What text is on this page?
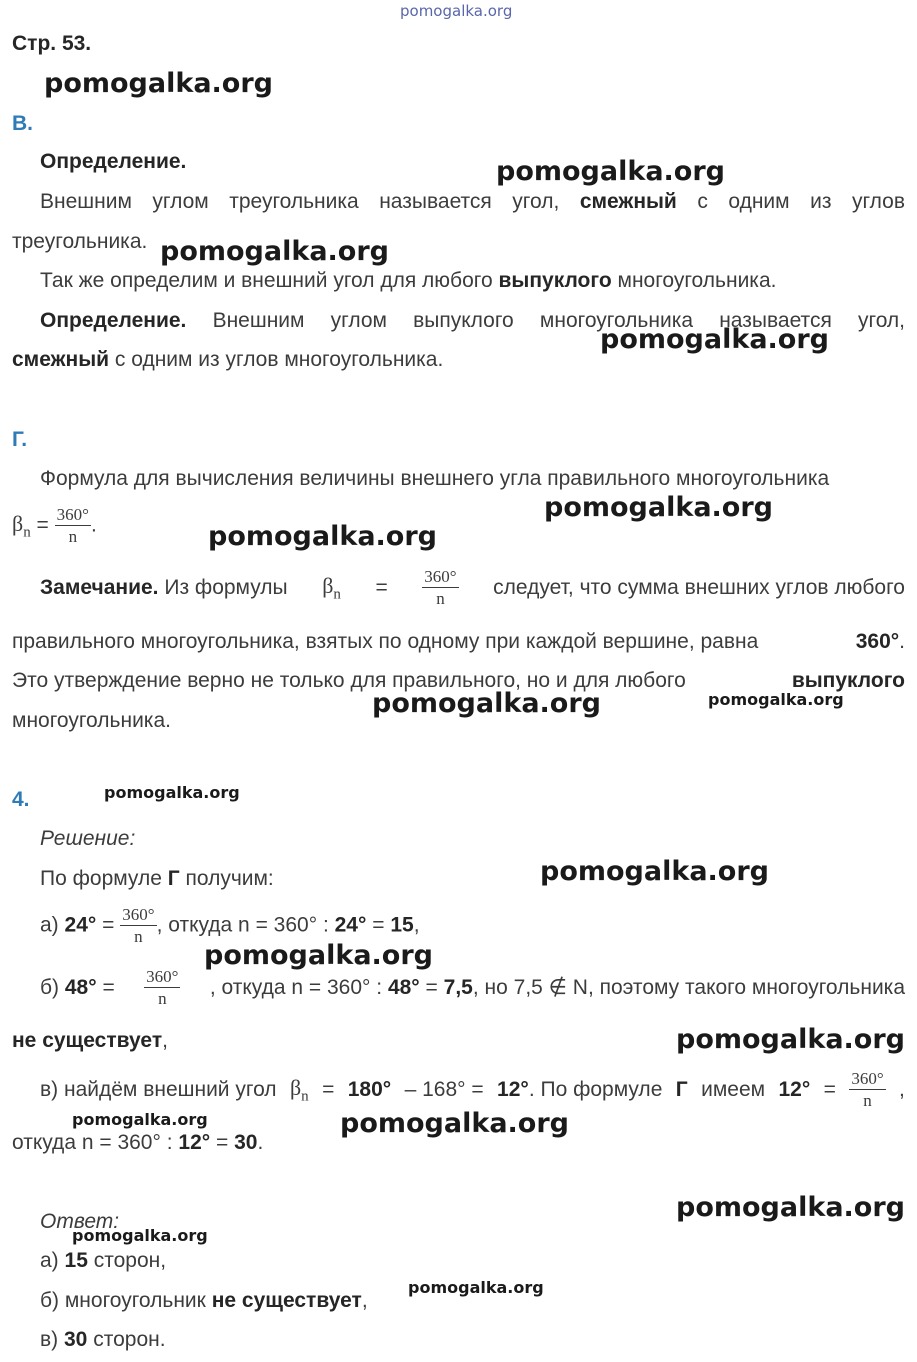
pomogalka.org
Стр. 53.
pomogalka.org
pomogalka.org
pomogalka.org
pomogalka.org
pomogalka.org
pomogalka.org
pomogalka.org	pomogalka.org
pomogalka.org
pomogalka.org
pomogalka.org
pomogalka.org
pomogalka.org	pomogalka.org
pomogalka.org
pomogalka.org
pomogalka.org
В.
Определение.
Внешним углом треугольника называется угол, смежный с одним из углов
треугольника.
Так же определим и внешний угол для любого выпуклого многоугольника.
Определение. Внешним углом выпуклого многоугольника называется угол,
смежный с одним из углов многоугольника.
Г.
Формула для вычисления величины внешнего угла правильного многоугольника
$\beta_n = \frac{360^\circ}{n}$ .
Замечание. Из формулы $\beta_n = \frac{360^\circ}{n}$ следует, что сумма внешних углов любого
правильного многоугольника, взятых по одному при каждой вершине, равна	360°.
Это утверждение верно не только для правильного, но и для любого	выпуклого
многоугольника.
4.
Решение:
По формуле Г получим:
а) $24^\circ = \frac{360^\circ}{n}$ , откуда n = 360° : 24° = 15,
б) $48^\circ = \frac{360^\circ}{n}$ , откуда n = 360° : 48° = 7,5, но 7,5 ∉ N, поэтому такого многоугольника
не существует,
в) найдём внешний угол $\beta_n = 180^\circ - 168^\circ = 12^\circ$. По формуле Г имеем $12^\circ = \frac{360^\circ}{n}$ ,
откуда n = 360° : 12° = 30.
Ответ:
а) 15 сторон,
б) многоугольник не существует,
в) 30 сторон.
